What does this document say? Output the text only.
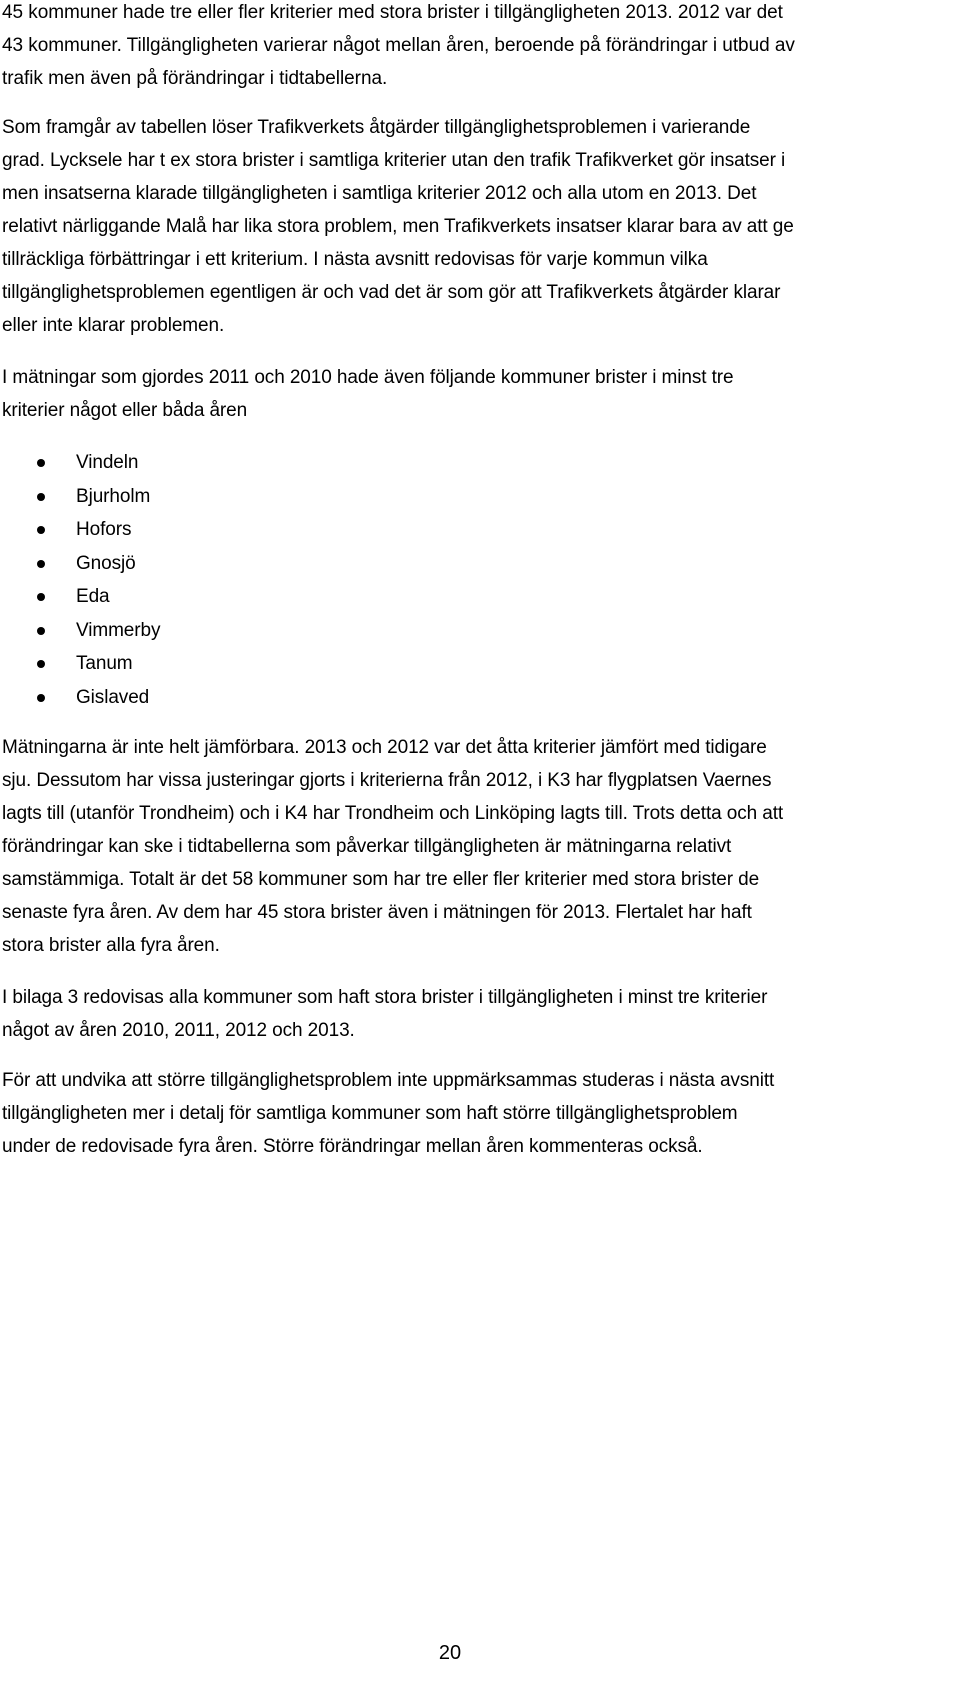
45 kommuner hade tre eller fler kriterier med stora brister i tillgängligheten 2013. 2012 var det
43 kommuner. Tillgängligheten varierar något mellan åren, beroende på förändringar i utbud av
trafik men även på förändringar i tidtabellerna.

Som framgår av tabellen löser Trafikverkets åtgärder tillgänglighetsproblemen i varierande
grad. Lycksele har t ex stora brister i samtliga kriterier utan den trafik Trafikverket gör insatser i
men insatserna klarade tillgängligheten i samtliga kriterier 2012 och alla utom en 2013. Det
relativt närliggande Malå har lika stora problem, men Trafikverkets insatser klarar bara av att ge
tillräckliga förbättringar i ett kriterium. I nästa avsnitt redovisas för varje kommun vilka
tillgänglighetsproblemen egentligen är och vad det är som gör att Trafikverkets åtgärder klarar
eller inte klarar problemen.

I mätningar som gjordes 2011 och 2010 hade även följande kommuner brister i minst tre
kriterier något eller båda åren

Vindeln
Bjurholm
Hofors
Gnosjö
Eda
Vimmerby
Tanum
Gislaved

Mätningarna är inte helt jämförbara. 2013 och 2012 var det åtta kriterier jämfört med tidigare
sju. Dessutom har vissa justeringar gjorts i kriterierna från 2012, i K3 har flygplatsen Vaernes
lagts till (utanför Trondheim) och i K4 har Trondheim och Linköping lagts till. Trots detta och att
förändringar kan ske i tidtabellerna som påverkar tillgängligheten är mätningarna relativt
samstämmiga. Totalt är det 58 kommuner som har tre eller fler kriterier med stora brister de
senaste fyra åren. Av dem har 45 stora brister även i mätningen för 2013. Flertalet har haft
stora brister alla fyra åren.

I bilaga 3 redovisas alla kommuner som haft stora brister i tillgängligheten i minst tre kriterier
något av åren 2010, 2011, 2012 och 2013.

För att undvika att större tillgänglighetsproblem inte uppmärksammas studeras i nästa avsnitt
tillgängligheten mer i detalj för samtliga kommuner som haft större tillgänglighetsproblem
under de redovisade fyra åren. Större förändringar mellan åren kommenteras också.

20
